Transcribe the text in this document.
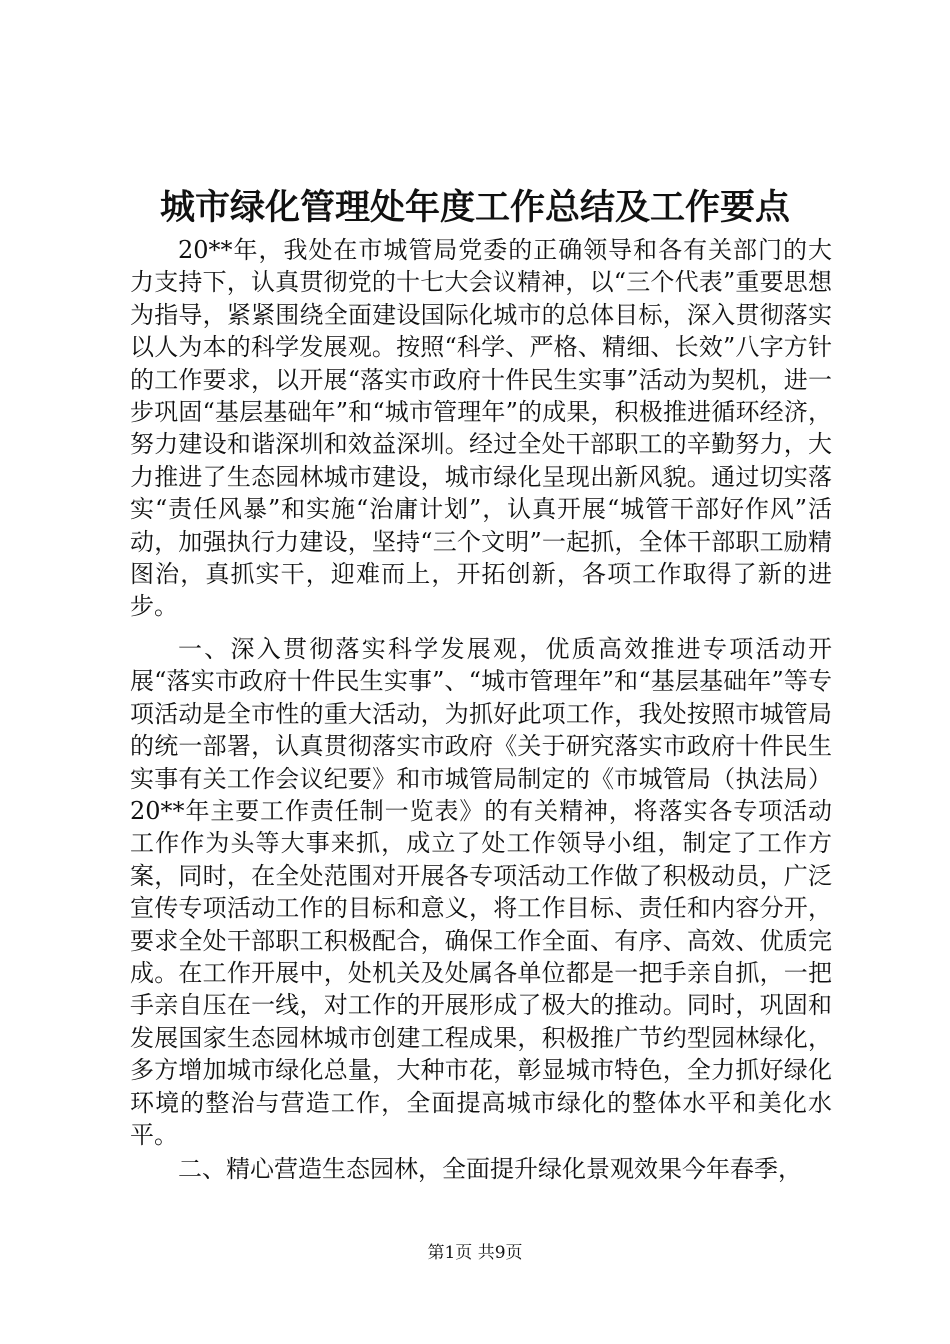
城市绿化管理处年度工作总结及工作要点

20**年，我处在市城管局党委的正确领导和各有关部门的大力支持下，认真贯彻党的十七大会议精神，以“三个代表”重要思想为指导，紧紧围绕全面建设国际化城市的总体目标，深入贯彻落实以人为本的科学发展观。按照“科学、严格、精细、长效”八字方针的工作要求，以开展“落实市政府十件民生实事”活动为契机，进一步巩固“基层基础年”和“城市管理年”的成果，积极推进循环经济，努力建设和谐深圳和效益深圳。经过全处干部职工的辛勤努力，大力推进了生态园林城市建设，城市绿化呈现出新风貌。通过切实落实“责任风暴”和实施“治庸计划”，认真开展“城管干部好作风”活动，加强执行力建设，坚持“三个文明”一起抓，全体干部职工励精图治，真抓实干，迎难而上，开拓创新，各项工作取得了新的进步。

一、深入贯彻落实科学发展观，优质高效推进专项活动开展“落实市政府十件民生实事”、“城市管理年”和“基层基础年”等专项活动是全市性的重大活动，为抓好此项工作，我处按照市城管局的统一部署，认真贯彻落实市政府《关于研究落实市政府十件民生实事有关工作会议纪要》和市城管局制定的《市城管局（执法局）20**年主要工作责任制一览表》的有关精神，将落实各专项活动工作作为头等大事来抓，成立了处工作领导小组，制定了工作方案，同时，在全处范围对开展各专项活动工作做了积极动员，广泛宣传专项活动工作的目标和意义，将工作目标、责任和内容分开，要求全处干部职工积极配合，确保工作全面、有序、高效、优质完成。在工作开展中，处机关及处属各单位都是一把手亲自抓，一把手亲自压在一线，对工作的开展形成了极大的推动。同时，巩固和发展国家生态园林城市创建工程成果，积极推广节约型园林绿化，多方增加城市绿化总量，大种市花，彰显城市特色，全力抓好绿化环境的整治与营造工作，全面提高城市绿化的整体水平和美化水平。

二、精心营造生态园林，全面提升绿化景观效果今年春季，

第1页 共9页
